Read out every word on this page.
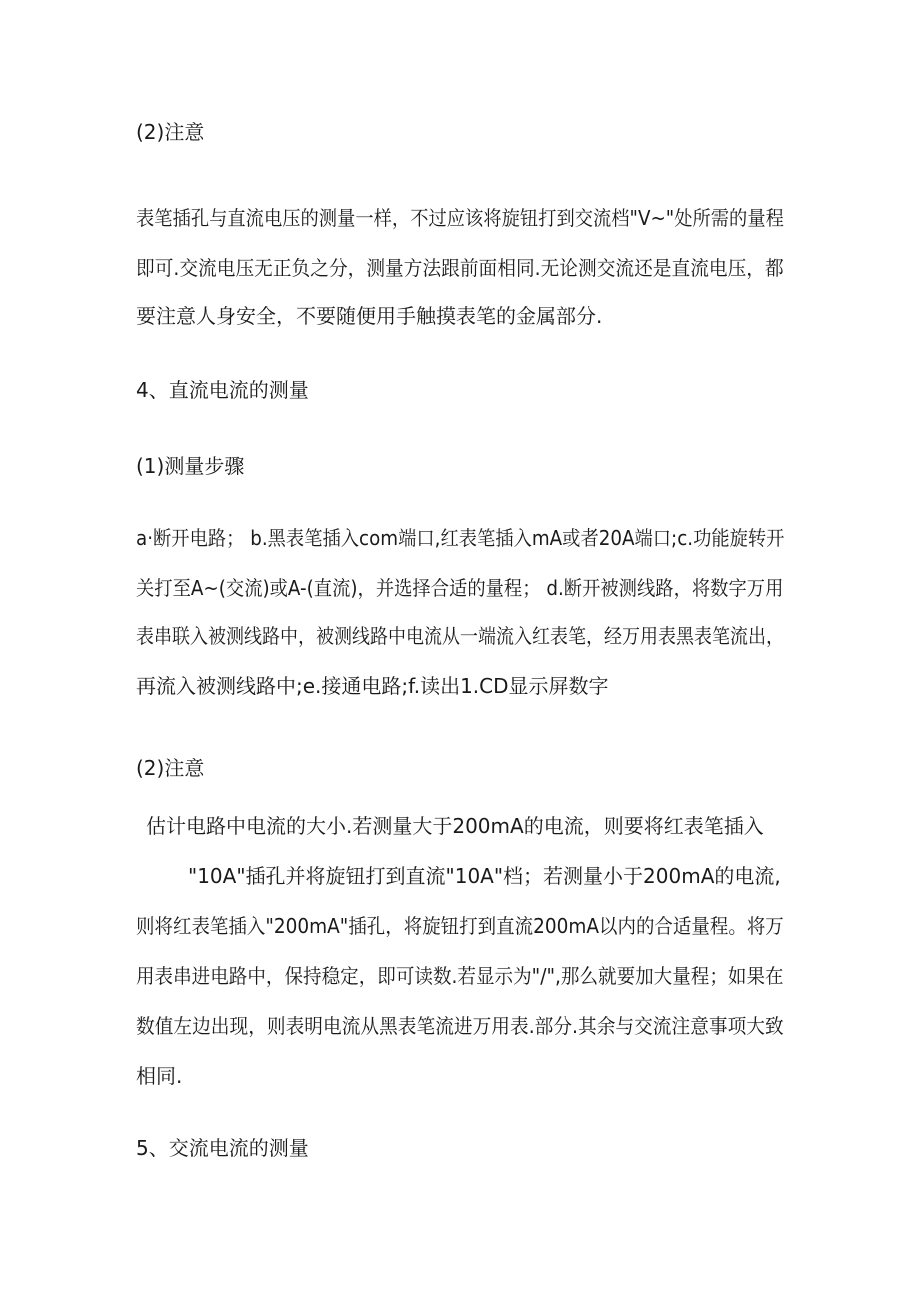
(2)注意
表笔插孔与直流电压的测量一样，不过应该将旋钮打到交流档"V~"处所需的量程
即可.交流电压无正负之分，测量方法跟前面相同.无论测交流还是直流电压，都
要注意人身安全，不要随便用手触摸表笔的金属部分.
4、直流电流的测量
(1)测量步骤
a·断开电路； b.黑表笔插入com端口,红表笔插入mA或者20A端口;c.功能旋转开
关打至A~(交流)或A-(直流)，并选择合适的量程； d.断开被测线路，将数字万用
表串联入被测线路中，被测线路中电流从一端流入红表笔，经万用表黑表笔流出，
再流入被测线路中;e.接通电路;f.读出1.CD显示屏数字
(2)注意
估计电路中电流的大小.若测量大于200mA的电流，则要将红表笔插入
"10A"插孔并将旋钮打到直流"10A"档；若测量小于200mA的电流,
则将红表笔插入"200mA"插孔，将旋钮打到直流200mA以内的合适量程。将万
用表串进电路中，保持稳定，即可读数.若显示为"/",那么就要加大量程；如果在
数值左边出现，则表明电流从黑表笔流进万用表.部分.其余与交流注意事项大致
相同.
5、交流电流的测量
